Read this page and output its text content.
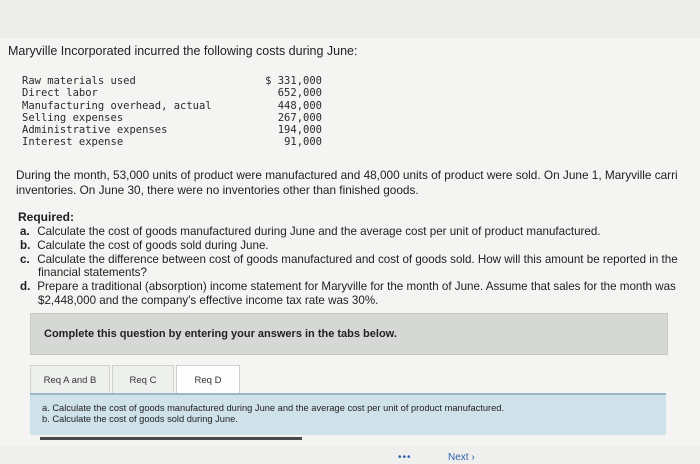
Maryville Incorporated incurred the following costs during June:
Raw materials used	$ 331,000
Direct labor	652,000
Manufacturing overhead, actual	448,000
Selling expenses	267,000
Administrative expenses	194,000
Interest expense	91,000
During the month, 53,000 units of product were manufactured and 48,000 units of product were sold. On June 1, Maryville carri
inventories. On June 30, there were no inventories other than finished goods.
Required:
a. Calculate the cost of goods manufactured during June and the average cost per unit of product manufactured.
b. Calculate the cost of goods sold during June.
c. Calculate the difference between cost of goods manufactured and cost of goods sold. How will this amount be reported in the
financial statements?
d. Prepare a traditional (absorption) income statement for Maryville for the month of June. Assume that sales for the month was
$2,448,000 and the company's effective income tax rate was 30%.
Complete this question by entering your answers in the tabs below.
Req A and B	Req C	Req D
a. Calculate the cost of goods manufactured during June and the average cost per unit of product manufactured.
b. Calculate the cost of goods sold during June.
•••	Next ›
